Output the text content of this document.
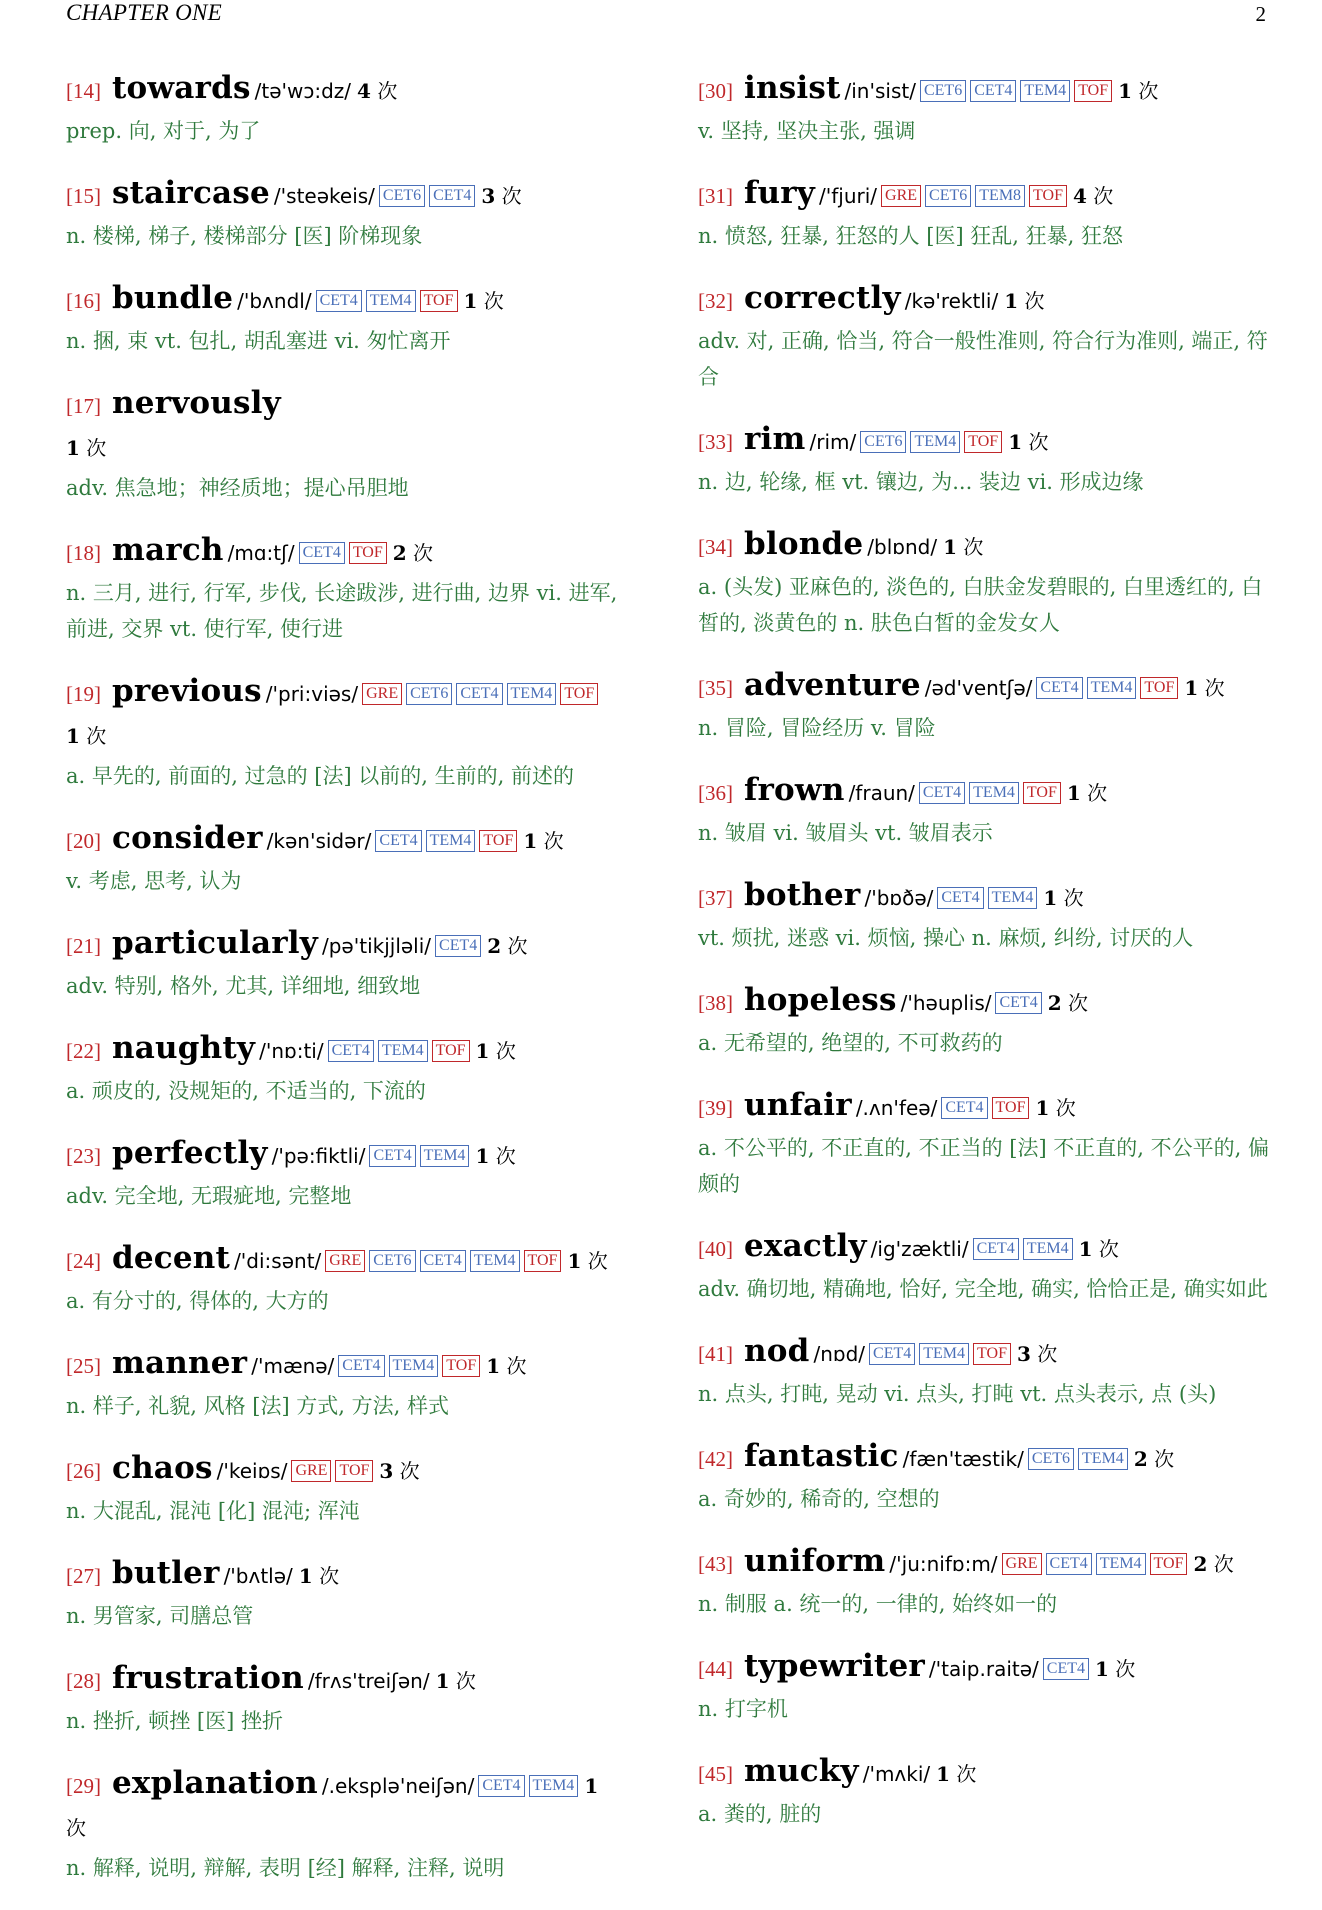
CHAPTER ONE	2
[14] towards /tə'wɔ:dz/ 4 次
prep. 向, 对于, 为了
[15] staircase /'steəkeis/ CET6 CET4 3 次
n. 楼梯, 梯子, 楼梯部分 [医] 阶梯现象
[16] bundle /'bʌndl/ CET4 TEM4 TOF 1 次
n. 捆, 束 vt. 包扎, 胡乱塞进 vi. 匆忙离开
[17] nervously
1 次
adv. 焦急地；神经质地；提心吊胆地
[18] march /mɑ:tʃ/ CET4 TOF 2 次
n. 三月, 进行, 行军, 步伐, 长途跋涉, 进行曲, 边界 vi. 进军, 前进, 交界 vt. 使行军, 使行进
[19] previous /'pri:viəs/ GRE CET6 CET4 TEM4 TOF
1 次
a. 早先的, 前面的, 过急的 [法] 以前的, 生前的, 前述的
[20] consider /kən'sidər/ CET4 TEM4 TOF 1 次
v. 考虑, 思考, 认为
[21] particularly /pə'tikjjləli/ CET4 2 次
adv. 特别, 格外, 尤其, 详细地, 细致地
[22] naughty /'nɒ:ti/ CET4 TEM4 TOF 1 次
a. 顽皮的, 没规矩的, 不适当的, 下流的
[23] perfectly /'pə:fiktli/ CET4 TEM4 1 次
adv. 完全地, 无瑕疵地, 完整地
[24] decent /'di:sənt/ GRE CET6 CET4 TEM4 TOF 1 次
a. 有分寸的, 得体的, 大方的
[25] manner /'mænə/ CET4 TEM4 TOF 1 次
n. 样子, 礼貌, 风格 [法] 方式, 方法, 样式
[26] chaos /'keiɒs/ GRE TOF 3 次
n. 大混乱, 混沌 [化] 混沌; 浑沌
[27] butler /'bʌtlə/ 1 次
n. 男管家, 司膳总管
[28] frustration /frʌs'treiʃən/ 1 次
n. 挫折, 顿挫 [医] 挫折
[29] explanation /.eksplə'neiʃən/ CET4 TEM4 1
次
n. 解释, 说明, 辩解, 表明 [经] 解释, 注释, 说明
[30] insist /in'sist/ CET6 CET4 TEM4 TOF 1 次
v. 坚持, 坚决主张, 强调
[31] fury /'fjuri/ GRE CET6 TEM8 TOF 4 次
n. 愤怒, 狂暴, 狂怒的人 [医] 狂乱, 狂暴, 狂怒
[32] correctly /kə'rektli/ 1 次
adv. 对, 正确, 恰当, 符合一般性准则, 符合行为准则, 端正, 符合
[33] rim /rim/ CET6 TEM4 TOF 1 次
n. 边, 轮缘, 框 vt. 镶边, 为... 装边 vi. 形成边缘
[34] blonde /blɒnd/ 1 次
a. (头发) 亚麻色的, 淡色的, 白肤金发碧眼的, 白里透红的, 白皙的, 淡黄色的 n. 肤色白皙的金发女人
[35] adventure /əd'ventʃə/ CET4 TEM4 TOF 1 次
n. 冒险, 冒险经历 v. 冒险
[36] frown /fraun/ CET4 TEM4 TOF 1 次
n. 皱眉 vi. 皱眉头 vt. 皱眉表示
[37] bother /'bɒðə/ CET4 TEM4 1 次
vt. 烦扰, 迷惑 vi. 烦恼, 操心 n. 麻烦, 纠纷, 讨厌的人
[38] hopeless /'həuplis/ CET4 2 次
a. 无希望的, 绝望的, 不可救药的
[39] unfair /.ʌn'feə/ CET4 TOF 1 次
a. 不公平的, 不正直的, 不正当的 [法] 不正直的, 不公平的, 偏颇的
[40] exactly /ig'zæktli/ CET4 TEM4 1 次
adv. 确切地, 精确地, 恰好, 完全地, 确实, 恰恰正是, 确实如此
[41] nod /nɒd/ CET4 TEM4 TOF 3 次
n. 点头, 打盹, 晃动 vi. 点头, 打盹 vt. 点头表示, 点 (头)
[42] fantastic /fæn'tæstik/ CET6 TEM4 2 次
a. 奇妙的, 稀奇的, 空想的
[43] uniform /'ju:nifɒ:m/ GRE CET4 TEM4 TOF 2 次
n. 制服 a. 统一的, 一律的, 始终如一的
[44] typewriter /'taip.raitə/ CET4 1 次
n. 打字机
[45] mucky /'mʌki/ 1 次
a. 粪的, 脏的
